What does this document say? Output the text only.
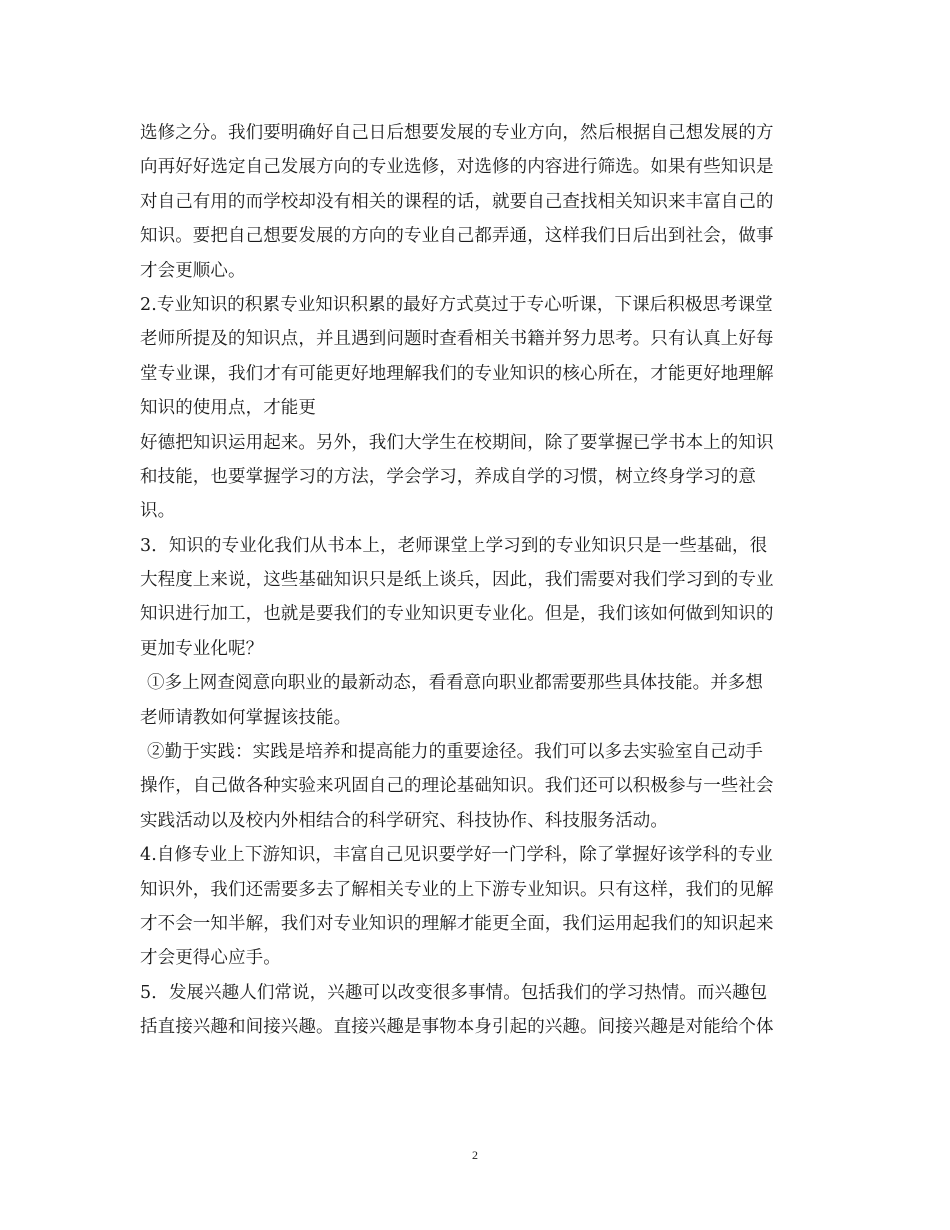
选修之分。我们要明确好自己日后想要发展的专业方向，然后根据自己想发展的方
向再好好选定自己发展方向的专业选修，对选修的内容进行筛选。如果有些知识是
对自己有用的而学校却没有相关的课程的话，就要自己查找相关知识来丰富自己的
知识。要把自己想要发展的方向的专业自己都弄通，这样我们日后出到社会，做事
才会更顺心。
2.专业知识的积累专业知识积累的最好方式莫过于专心听课，下课后积极思考课堂
老师所提及的知识点，并且遇到问题时查看相关书籍并努力思考。只有认真上好每
堂专业课，我们才有可能更好地理解我们的专业知识的核心所在，才能更好地理解
知识的使用点，才能更
好德把知识运用起来。另外，我们大学生在校期间，除了要掌握已学书本上的知识
和技能，也要掌握学习的方法，学会学习，养成自学的习惯，树立终身学习的意
识。
3．知识的专业化我们从书本上，老师课堂上学习到的专业知识只是一些基础，很
大程度上来说，这些基础知识只是纸上谈兵，因此，我们需要对我们学习到的专业
知识进行加工，也就是要我们的专业知识更专业化。但是，我们该如何做到知识的
更加专业化呢？
①多上网查阅意向职业的最新动态，看看意向职业都需要那些具体技能。并多想
老师请教如何掌握该技能。
②勤于实践：实践是培养和提高能力的重要途径。我们可以多去实验室自己动手
操作，自己做各种实验来巩固自己的理论基础知识。我们还可以积极参与一些社会
实践活动以及校内外相结合的科学研究、科技协作、科技服务活动。
4.自修专业上下游知识，丰富自己见识要学好一门学科，除了掌握好该学科的专业
知识外，我们还需要多去了解相关专业的上下游专业知识。只有这样，我们的见解
才不会一知半解，我们对专业知识的理解才能更全面，我们运用起我们的知识起来
才会更得心应手。
5．发展兴趣人们常说，兴趣可以改变很多事情。包括我们的学习热情。而兴趣包
括直接兴趣和间接兴趣。直接兴趣是事物本身引起的兴趣。间接兴趣是对能给个体
2
